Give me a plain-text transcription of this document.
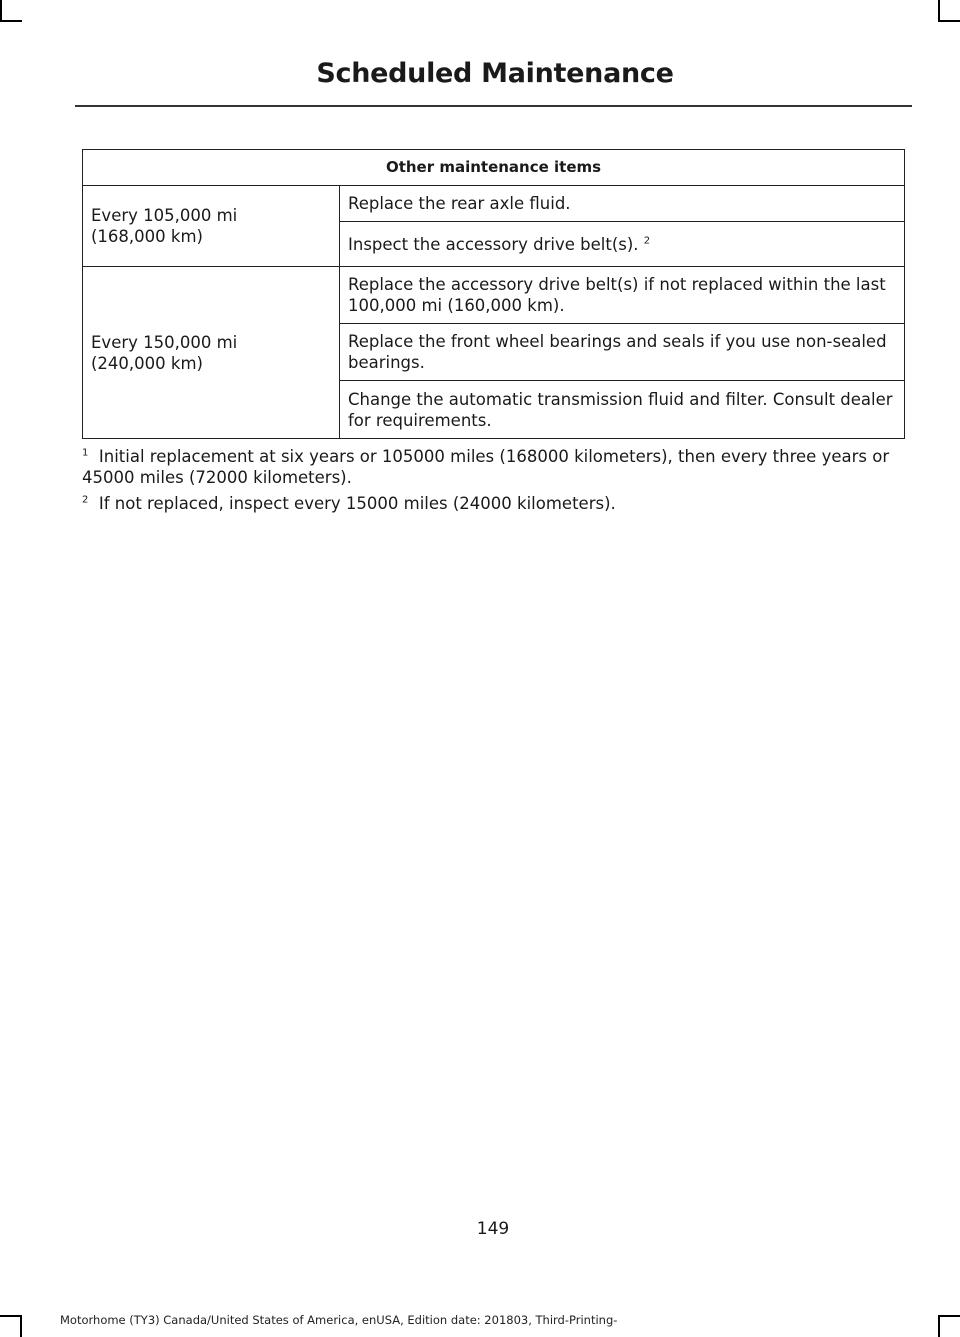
Scheduled Maintenance
Other maintenance items	
Every 105,000 mi
(168,000 km)	Replace the rear axle fluid.
	Inspect the accessory drive belt(s). $^2$
Every 150,000 mi
(240,000 km)	Replace the accessory drive belt(s) if not replaced within the last 100,000 mi (160,000 km).
	Replace the front wheel bearings and seals if you use non-sealed bearings.
	Change the automatic transmission fluid and filter. Consult dealer for requirements.

$^1$ Initial replacement at six years or 105000 miles (168000 kilometers), then every three years or 45000 miles (72000 kilometers).

$^2$ If not replaced, inspect every 15000 miles (24000 kilometers).

149
Motorhome (TY3) Canada/United States of America, enUSA, Edition date: 201803, Third-Printing-
